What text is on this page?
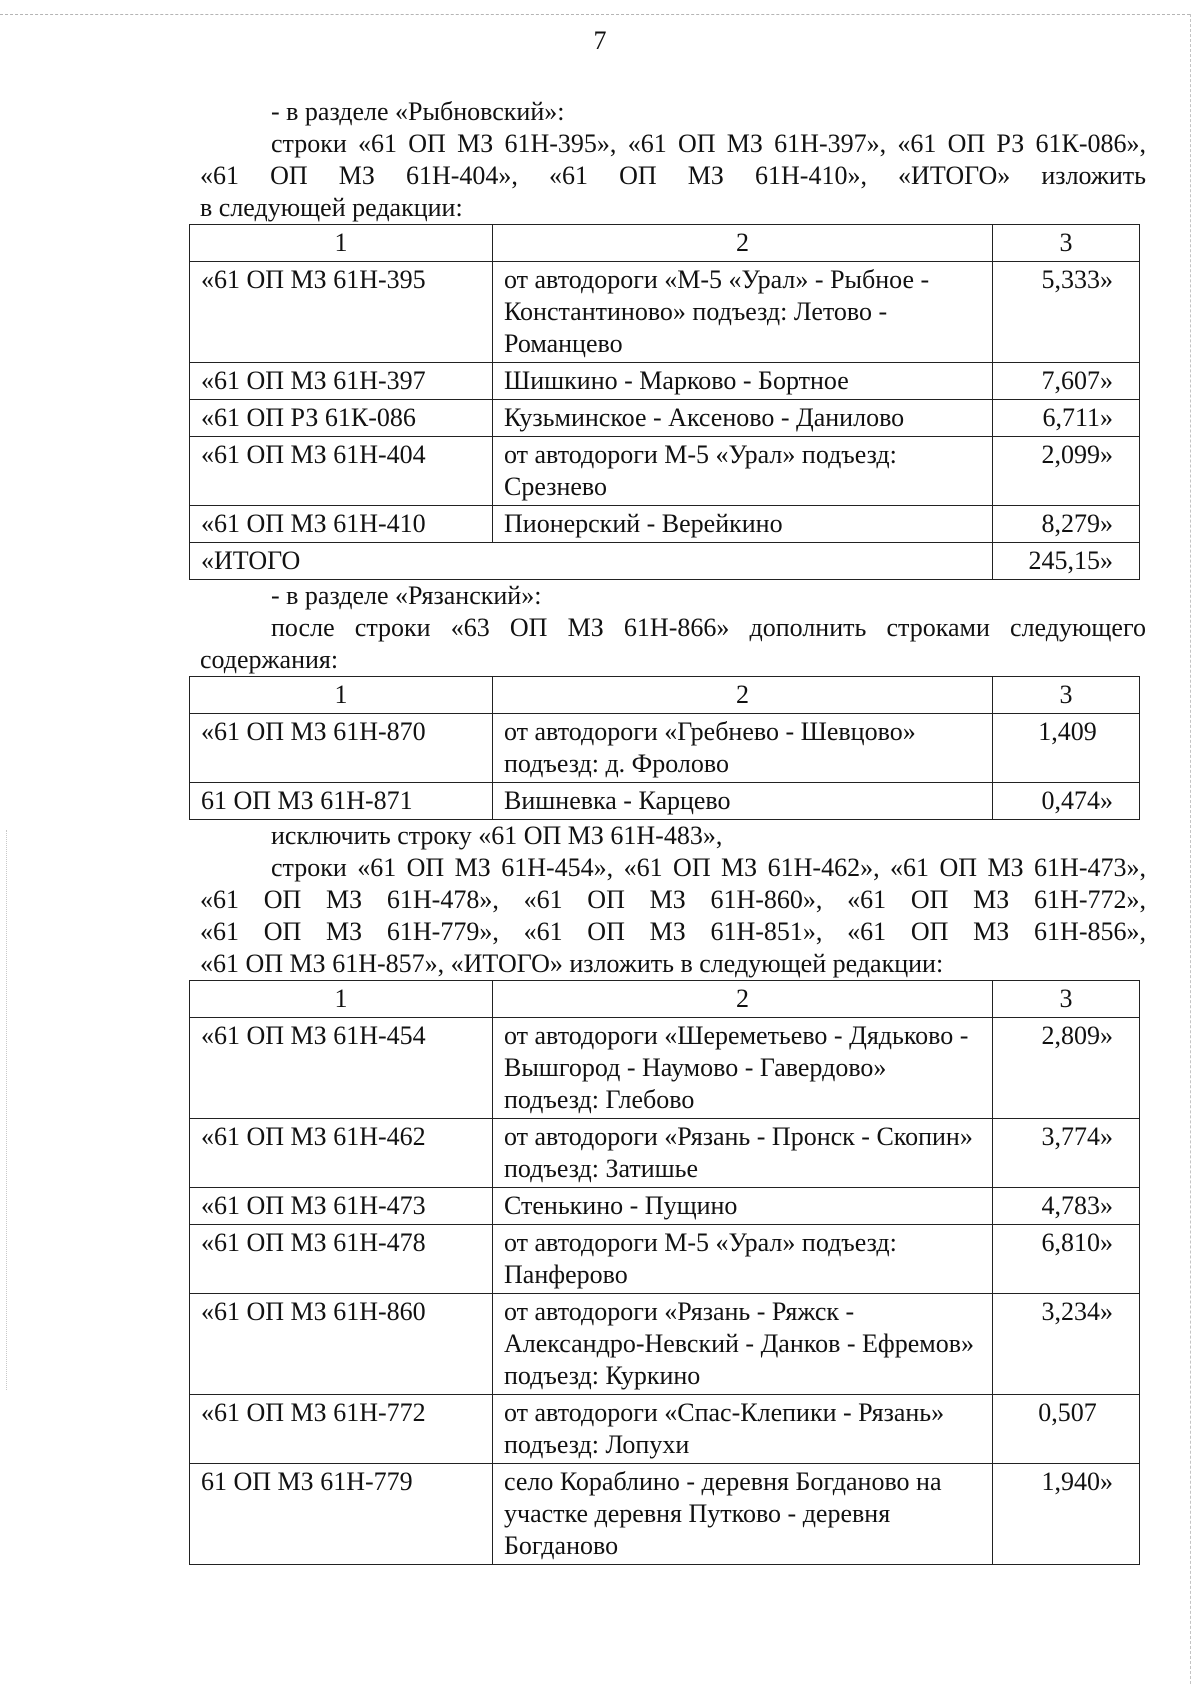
7

- в разделе «Рыбновский»:

строки «61 ОП МЗ 61Н-395», «61 ОП МЗ 61Н-397», «61 ОП РЗ 61К-086»,

«61 ОП МЗ 61Н-404», «61 ОП МЗ 61Н-410», «ИТОГО» изложить

в следующей редакции:

1	2	3
«61 ОП МЗ 61Н-395	от автодороги «М-5 «Урал» - Рыбное - Константиново» подъезд: Летово - Романцево	5,333»
«61 ОП МЗ 61Н-397	Шишкино - Марково - Бортное	7,607»
«61 ОП РЗ 61К-086	Кузьминское - Аксеново - Данилово	6,711»
«61 ОП МЗ 61Н-404	от автодороги М-5 «Урал» подъезд: Срезнево	2,099»
«61 ОП МЗ 61Н-410	Пионерский - Верейкино	8,279»
«ИТОГО		245,15»

- в разделе «Рязанский»:

после строки «63 ОП МЗ 61Н-866» дополнить строками следующего

содержания:

1	2	3
«61 ОП МЗ 61Н-870	от автодороги «Гребнево - Шевцово» подъезд: д. Фролово	1,409
61 ОП МЗ 61Н-871	Вишневка - Карцево	0,474»

исключить строку «61 ОП МЗ 61Н-483»,

строки «61 ОП МЗ 61Н-454», «61 ОП МЗ 61Н-462», «61 ОП МЗ 61Н-473»,

«61 ОП МЗ 61Н-478», «61 ОП МЗ 61Н-860», «61 ОП МЗ 61Н-772»,

«61 ОП МЗ 61Н-779», «61 ОП МЗ 61Н-851», «61 ОП МЗ 61Н-856»,

«61 ОП МЗ 61Н-857», «ИТОГО» изложить в следующей редакции:

1	2	3
«61 ОП МЗ 61Н-454	от автодороги «Шереметьево - Дядьково - Вышгород - Наумово - Гавердово» подъезд: Глебово	2,809»
«61 ОП МЗ 61Н-462	от автодороги «Рязань - Пронск - Скопин» подъезд: Затишье	3,774»
«61 ОП МЗ 61Н-473	Стенькино - Пущино	4,783»
«61 ОП МЗ 61Н-478	от автодороги М-5 «Урал» подъезд: Панферово	6,810»
«61 ОП МЗ 61Н-860	от автодороги «Рязань - Ряжск - Александро-Невский - Данков - Ефремов» подъезд: Куркино	3,234»
«61 ОП МЗ 61Н-772	от автодороги «Спас-Клепики - Рязань» подъезд: Лопухи	0,507
61 ОП МЗ 61Н-779	село Кораблино - деревня Богданово на участке деревня Путково - деревня Богданово	1,940»
